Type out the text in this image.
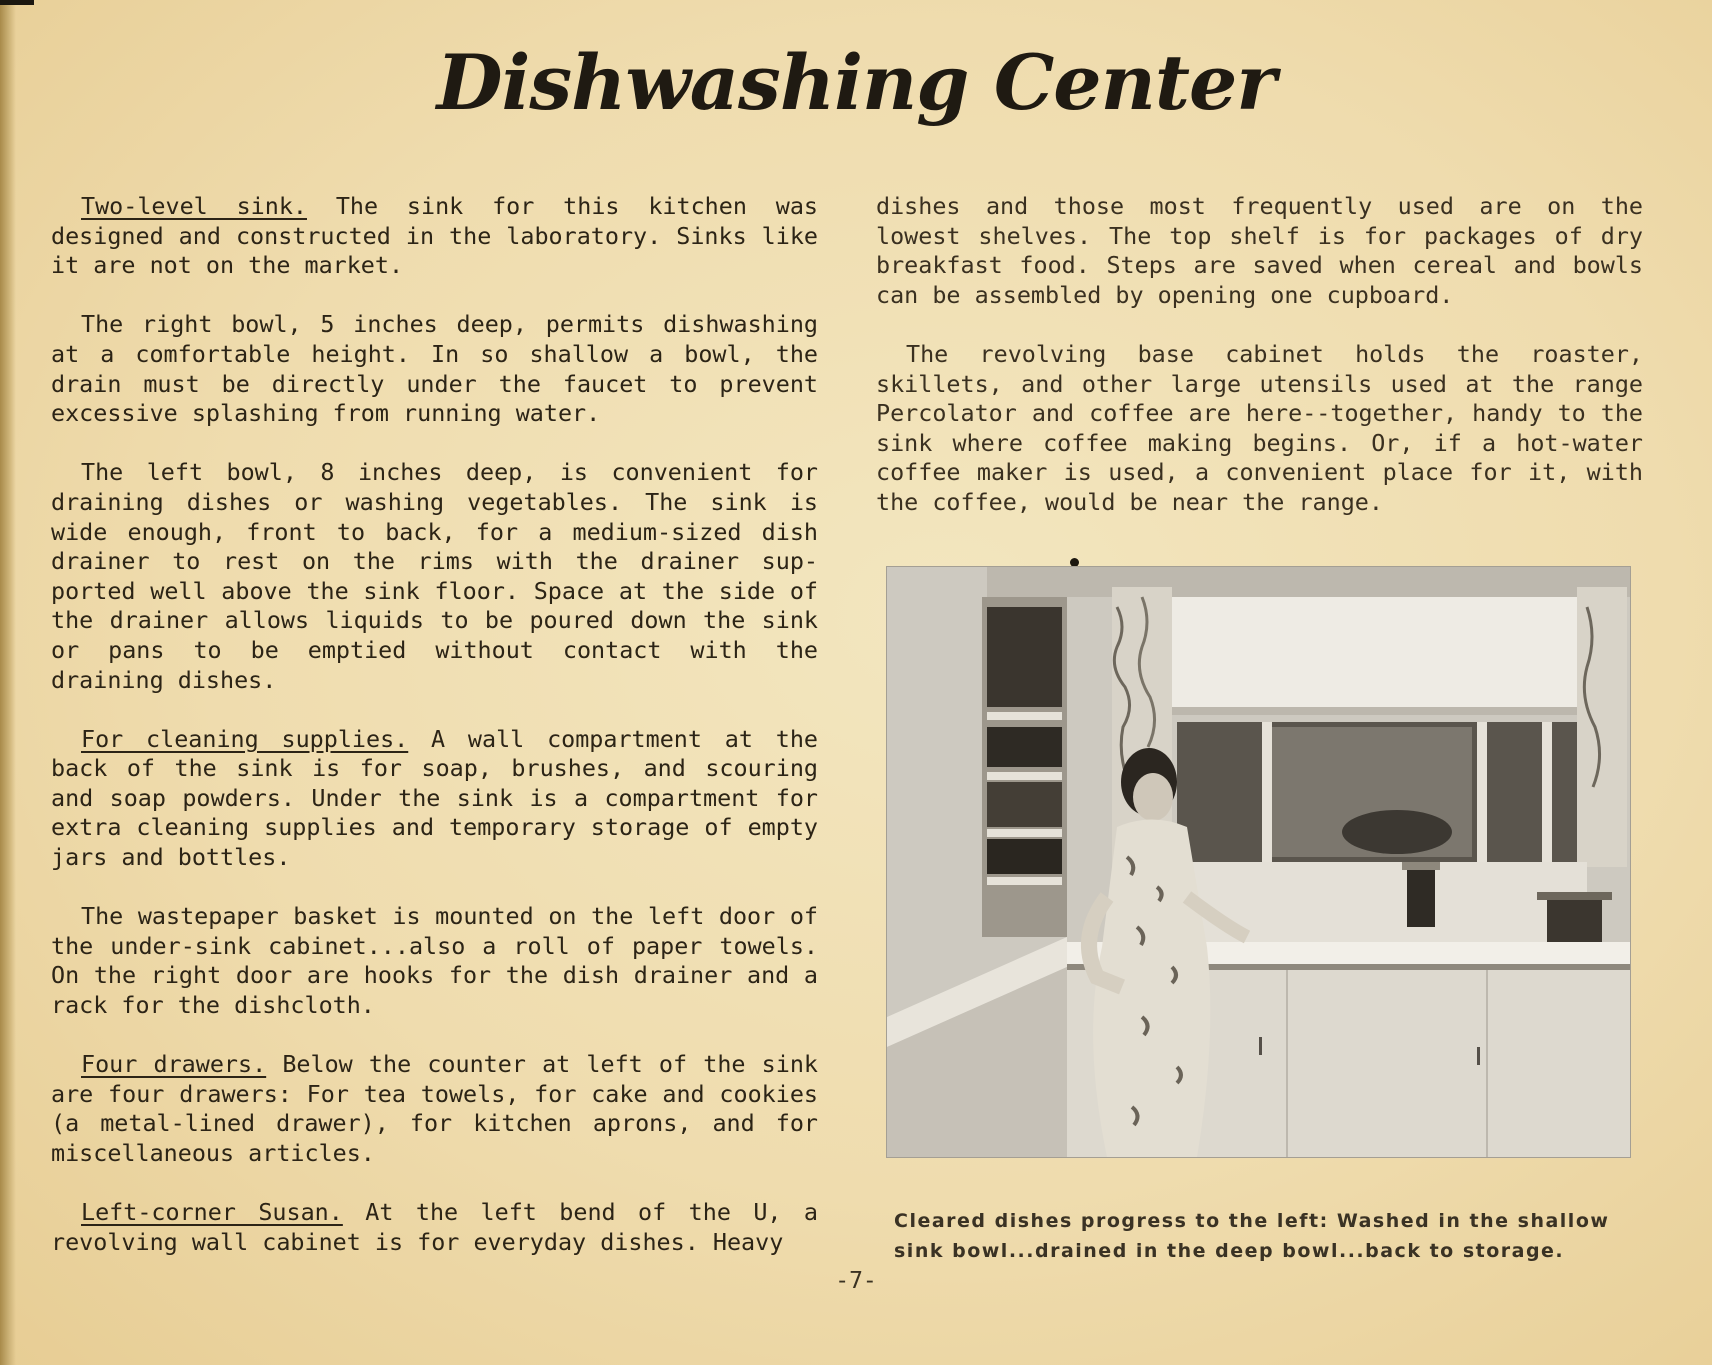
Dishwashing Center

Two-level sink. The sink for this kitchen was designed and constructed in the laboratory. Sinks like it are not on the market.

The right bowl, 5 inches deep, permits dishwashing at a comfortable height. In so shallow a bowl, the drain must be directly under the faucet to prevent excessive splashing from running water.

The left bowl, 8 inches deep, is convenient for draining dishes or washing vegetables. The sink is wide enough, front to back, for a medium-sized dish drainer to rest on the rims with the drainer sup-ported well above the sink floor. Space at the side of the drainer allows liquids to be poured down the sink or pans to be emptied without contact with the draining dishes.

For cleaning supplies. A wall compartment at the back of the sink is for soap, brushes, and scouring and soap powders. Under the sink is a compartment for extra cleaning supplies and temporary storage of empty jars and bottles.

The wastepaper basket is mounted on the left door of the under-sink cabinet...also a roll of paper towels. On the right door are hooks for the dish drainer and a rack for the dishcloth.

Four drawers. Below the counter at left of the sink are four drawers: For tea towels, for cake and cookies (a metal-lined drawer), for kitchen aprons, and for miscellaneous articles.

Left-corner Susan. At the left bend of the U, a revolving wall cabinet is for everyday dishes. Heavy

dishes and those most frequently used are on the lowest shelves. The top shelf is for packages of dry breakfast food. Steps are saved when cereal and bowls can be assembled by opening one cupboard.

The revolving base cabinet holds the roaster, skillets, and other large utensils used at the range Percolator and coffee are here--together, handy to the sink where coffee making begins. Or, if a hot-water coffee maker is used, a convenient place for it, with the coffee, would be near the range.

Cleared dishes progress to the left: Washed in the shallow sink bowl...drained in the deep bowl...back to storage.

-7-
